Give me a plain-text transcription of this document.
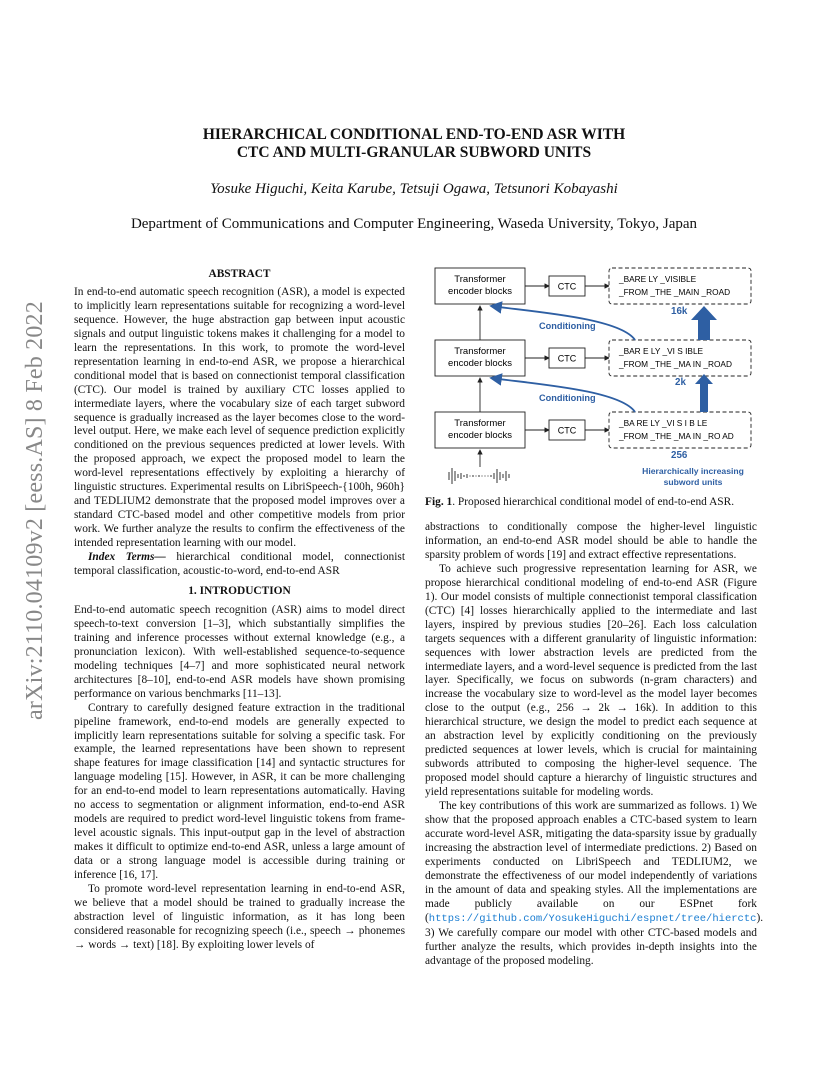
arXiv:2110.04109v2 [eess.AS] 8 Feb 2022
HIERARCHICAL CONDITIONAL END-TO-END ASR WITH
CTC AND MULTI-GRANULAR SUBWORD UNITS
Yosuke Higuchi, Keita Karube, Tetsuji Ogawa, Tetsunori Kobayashi
Department of Communications and Computer Engineering, Waseda University, Tokyo, Japan
ABSTRACT

In end-to-end automatic speech recognition (ASR), a model is expected to implicitly learn representations suitable for recognizing a word-level sequence. However, the huge abstraction gap between input acoustic signals and output linguistic tokens makes it challenging for a model to learn the representations. In this work, to promote the word-level representation learning in end-to-end ASR, we propose a hierarchical conditional model that is based on connectionist temporal classification (CTC). Our model is trained by auxiliary CTC losses applied to intermediate layers, where the vocabulary size of each target subword sequence is gradually increased as the layer becomes close to the word-level output. Here, we make each level of sequence prediction explicitly conditioned on the previous sequences predicted at lower levels. With the proposed approach, we expect the proposed model to learn the word-level representations effectively by exploiting a hierarchy of linguistic structures. Experimental results on LibriSpeech-{100h, 960h} and TEDLIUM2 demonstrate that the proposed model improves over a standard CTC-based model and other competitive models from prior work. We further analyze the results to confirm the effectiveness of the intended representation learning with our model.

Index Terms— hierarchical conditional model, connectionist temporal classification, acoustic-to-word, end-to-end ASR

1. INTRODUCTION

End-to-end automatic speech recognition (ASR) aims to model direct speech-to-text conversion [1–3], which substantially simplifies the training and inference processes without external knowledge (e.g., a pronunciation lexicon). With well-established sequence-to-sequence modeling techniques [4–7] and more sophisticated neural network architectures [8–10], end-to-end ASR models have shown promising performance on various benchmarks [11–13].

Contrary to carefully designed feature extraction in the traditional pipeline framework, end-to-end models are generally expected to implicitly learn representations suitable for solving a specific task. For example, the learned representations have been shown to represent shape features for image classification [14] and syntactic structures for language modeling [15]. However, in ASR, it can be more challenging for an end-to-end model to learn representations automatically. Having no access to segmentation or alignment information, end-to-end ASR models are required to predict word-level linguistic tokens from frame-level acoustic signals. This input-output gap in the level of abstraction makes it difficult to optimize end-to-end ASR, unless a large amount of data or a strong language model is accessible during training or inference [16, 17].

To promote word-level representation learning in end-to-end ASR, we believe that a model should be trained to gradually increase the abstraction level of linguistic information, as it has long been considered reasonable for recognizing speech (i.e., speech → phonemes → words → text) [18]. By exploiting lower levels of

Transformer
encoder blocks
Transformer
encoder blocks
Transformer
encoder blocks
CTC
CTC
CTC
_BARE LY _VISIBLE
_FROM _THE _MAIN _ROAD
_BAR E LY _VI S IBLE
_FROM _THE _MA IN _ROAD
_BA RE LY _VI S I B LE
_FROM _THE _MA IN _RO AD
Conditioning
Conditioning
16k
2k
256
Hierarchically increasing
subword units
Fig. 1. Proposed hierarchical conditional model of end-to-end ASR.

abstractions to conditionally compose the higher-level linguistic information, an end-to-end ASR model should be able to handle the sparsity problem of words [19] and extract effective representations.

To achieve such progressive representation learning for ASR, we propose hierarchical conditional modeling of end-to-end ASR (Figure 1). Our model consists of multiple connectionist temporal classification (CTC) [4] losses hierarchically applied to the intermediate and last layers, inspired by previous studies [20–26]. Each loss calculation targets sequences with a different granularity of linguistic information: sequences with lower abstraction levels are predicted from the intermediate layers, and a word-level sequence is predicted from the last layer. Specifically, we focus on subwords (n-gram characters) and increase the vocabulary size to word-level as the model layer becomes close to the output (e.g., 256 → 2k → 16k). In addition to this hierarchical structure, we design the model to predict each sequence at an abstraction level by explicitly conditioning on the previously predicted sequences at lower levels, which is crucial for maintaining subwords attributed to composing the higher-level sequence. The proposed model should capture a hierarchy of linguistic structures and yield representations suitable for modeling words.

The key contributions of this work are summarized as follows. 1) We show that the proposed approach enables a CTC-based system to learn accurate word-level ASR, mitigating the data-sparsity issue by gradually increasing the abstraction level of intermediate predictions. 2) Based on experiments conducted on LibriSpeech and TEDLIUM2, we demonstrate the effectiveness of our model independently of variations in the amount of data and speaking styles. All the implementations are made publicly available on our ESPnet fork (https://github.com/YosukeHiguchi/espnet/tree/hierctc). 3) We carefully compare our model with other CTC-based models and further analyze the results, which provides in-depth insights into the advantage of the proposed modeling.
